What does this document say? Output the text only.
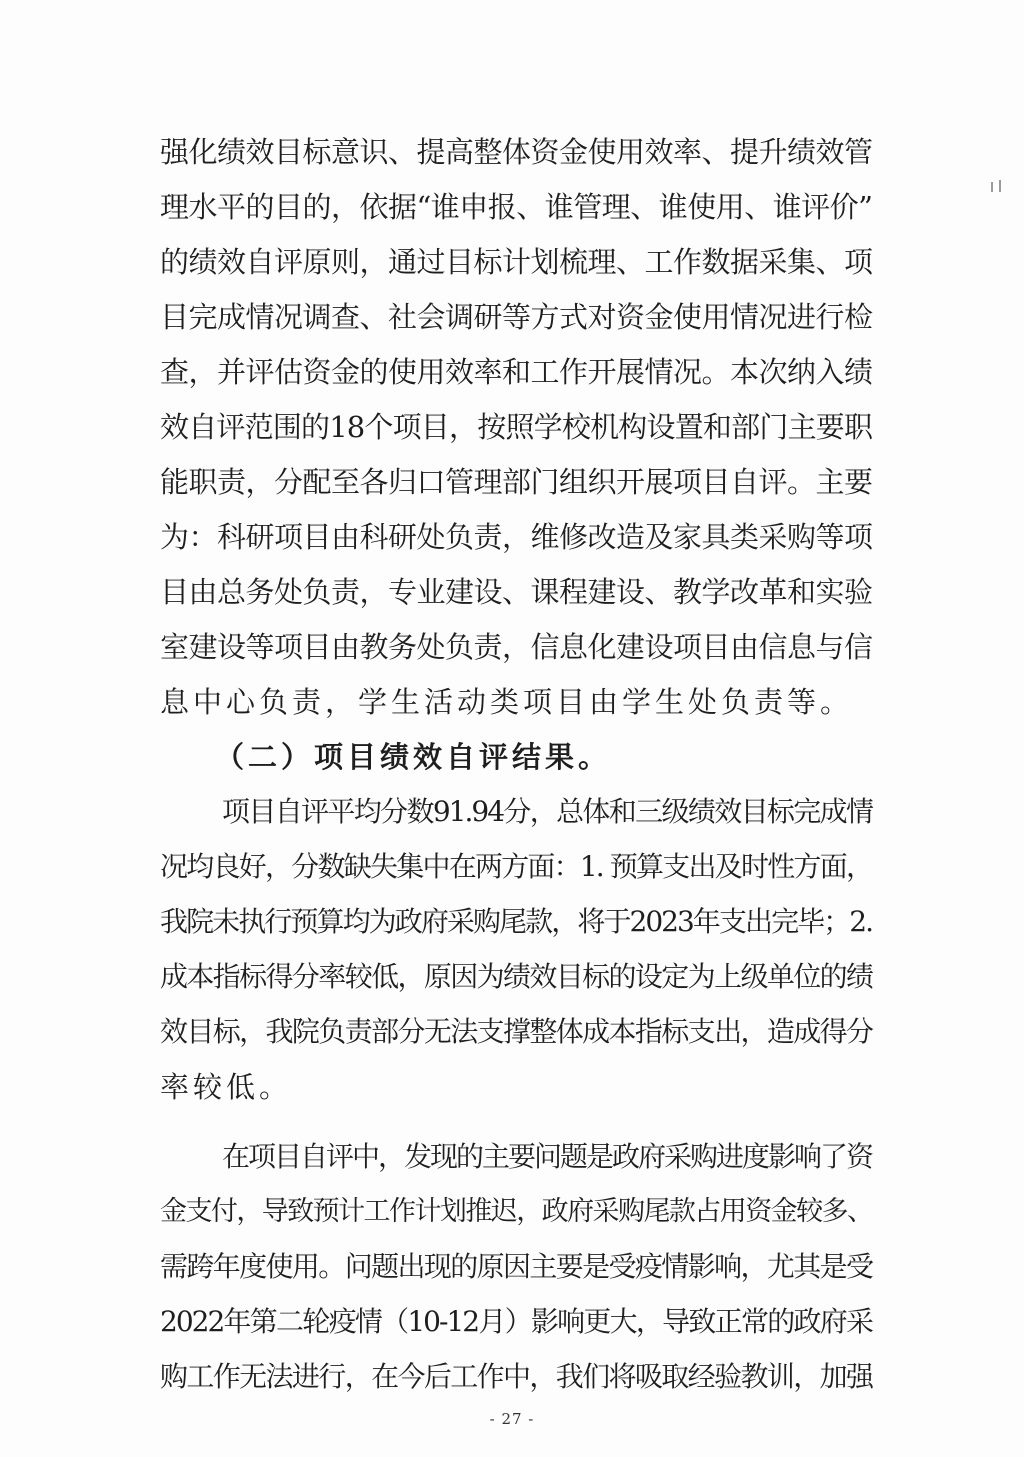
强化绩效目标意识、提高整体资金使用效率、提升绩效管
理水平的目的，依据“谁申报、谁管理、谁使用、谁评价”
的绩效自评原则，通过目标计划梳理、工作数据采集、项
目完成情况调查、社会调研等方式对资金使用情况进行检
查，并评估资金的使用效率和工作开展情况。本次纳入绩
效自评范围的18个项目，按照学校机构设置和部门主要职
能职责，分配至各归口管理部门组织开展项目自评。主要
为：科研项目由科研处负责，维修改造及家具类采购等项
目由总务处负责，专业建设、课程建设、教学改革和实验
室建设等项目由教务处负责，信息化建设项目由信息与信
息中心负责，学生活动类项目由学生处负责等。
（二）项目绩效自评结果。
项目自评平均分数91.94分，总体和三级绩效目标完成情
况均良好，分数缺失集中在两方面：1. 预算支出及时性方面，
我院未执行预算均为政府采购尾款，将于2023年支出完毕；2.
成本指标得分率较低，原因为绩效目标的设定为上级单位的绩
效目标，我院负责部分无法支撑整体成本指标支出，造成得分
率较低。
在项目自评中，发现的主要问题是政府采购进度影响了资
金支付，导致预计工作计划推迟，政府采购尾款占用资金较多、
需跨年度使用。问题出现的原因主要是受疫情影响，尤其是受
2022年第二轮疫情（10-12月）影响更大，导致正常的政府采
购工作无法进行，在今后工作中，我们将吸取经验教训，加强
- 27 -
